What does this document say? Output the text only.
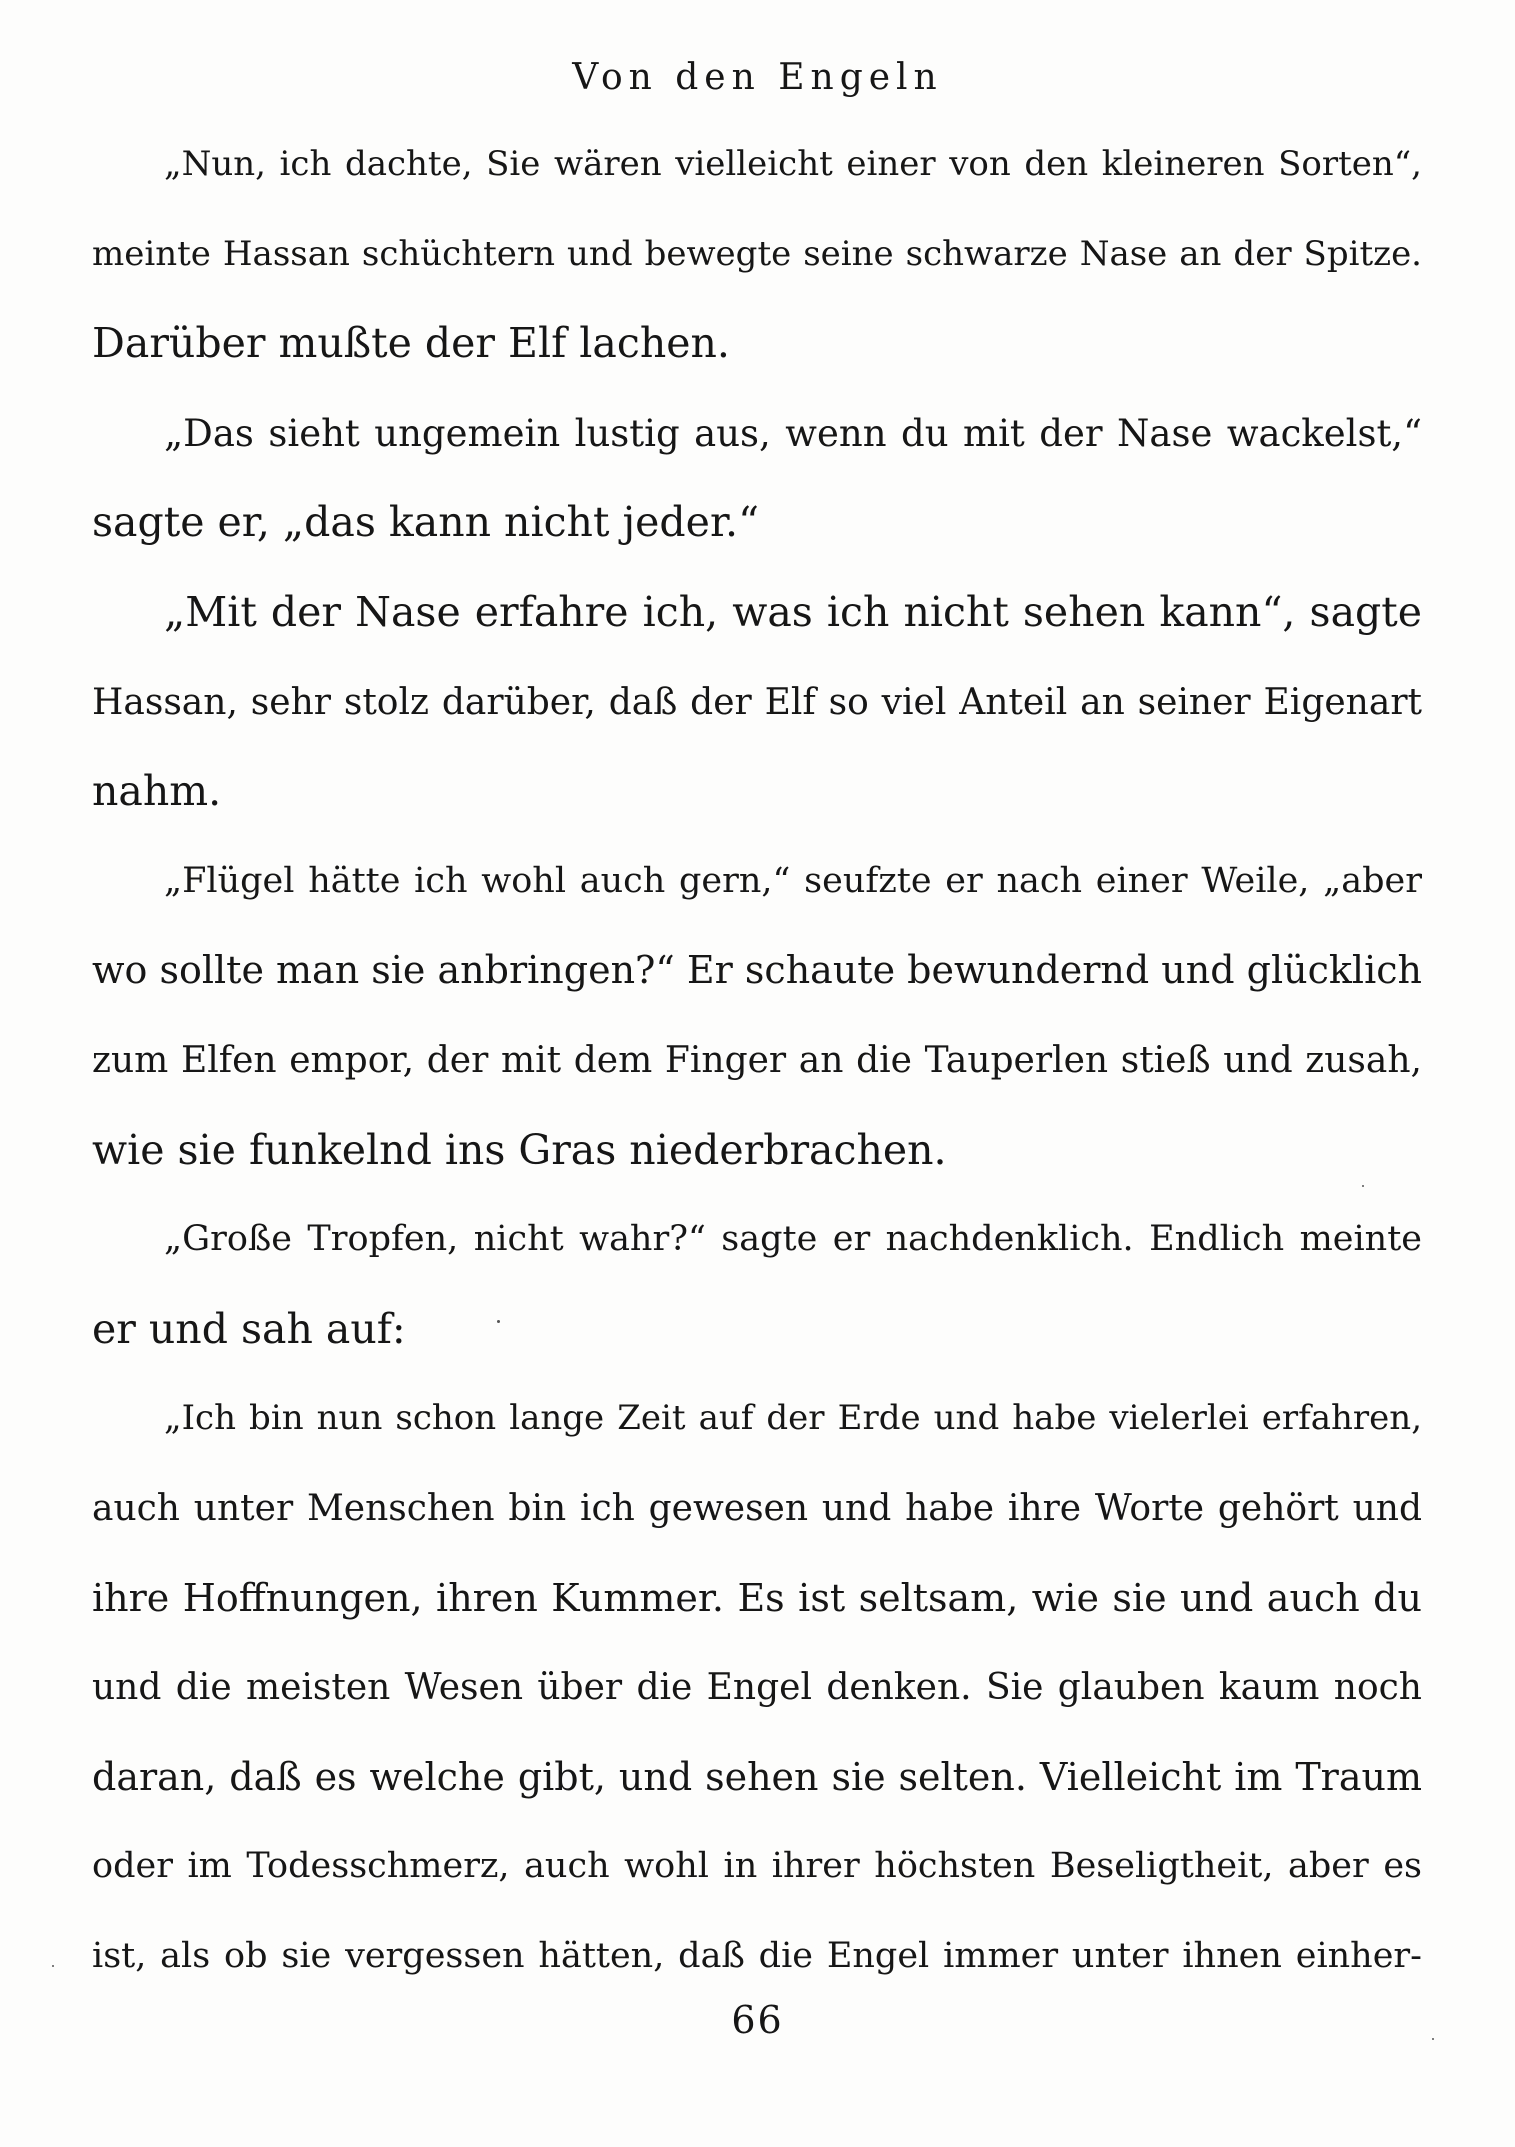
Von den Engeln
„Nun, ich dachte, Sie wären vielleicht einer von den kleineren Sorten“,
meinte Hassan schüchtern und bewegte seine schwarze Nase an der Spitze.
Darüber mußte der Elf lachen.
„Das sieht ungemein lustig aus, wenn du mit der Nase wackelst,“
sagte er, „das kann nicht jeder.“
„Mit der Nase erfahre ich, was ich nicht sehen kann“, sagte
Hassan, sehr stolz darüber, daß der Elf so viel Anteil an seiner Eigenart
nahm.
„Flügel hätte ich wohl auch gern,“ seufzte er nach einer Weile, „aber
wo sollte man sie anbringen?“ Er schaute bewundernd und glücklich
zum Elfen empor, der mit dem Finger an die Tauperlen stieß und zusah,
wie sie funkelnd ins Gras niederbrachen.
„Große Tropfen, nicht wahr?“ sagte er nachdenklich. Endlich meinte
er und sah auf:
„Ich bin nun schon lange Zeit auf der Erde und habe vielerlei erfahren,
auch unter Menschen bin ich gewesen und habe ihre Worte gehört und
ihre Hoffnungen, ihren Kummer. Es ist seltsam, wie sie und auch du
und die meisten Wesen über die Engel denken. Sie glauben kaum noch
daran, daß es welche gibt, und sehen sie selten. Vielleicht im Traum
oder im Todesschmerz, auch wohl in ihrer höchsten Beseligtheit, aber es
ist, als ob sie vergessen hätten, daß die Engel immer unter ihnen einher-
66
